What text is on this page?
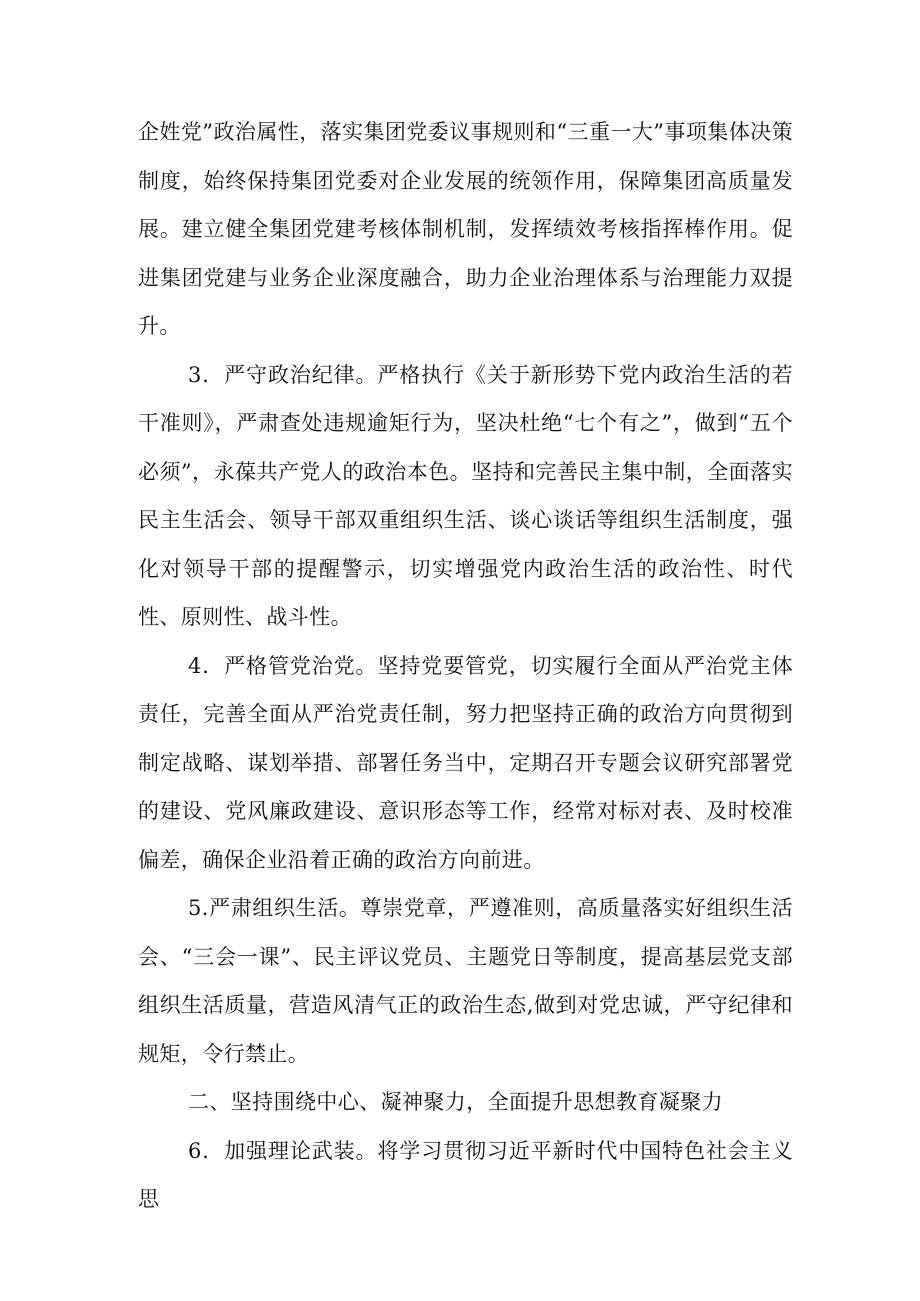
企姓党”政治属性，落实集团党委议事规则和“三重一大”事项集体决策制度，始终保持集团党委对企业发展的统领作用，保障集团高质量发展。建立健全集团党建考核体制机制，发挥绩效考核指挥棒作用。促进集团党建与业务企业深度融合，助力企业治理体系与治理能力双提升。

3．严守政治纪律。严格执行《关于新形势下党内政治生活的若干准则》，严肃查处违规逾矩行为，坚决杜绝“七个有之”，做到“五个必须”，永葆共产党人的政治本色。坚持和完善民主集中制，全面落实民主生活会、领导干部双重组织生活、谈心谈话等组织生活制度，强化对领导干部的提醒警示，切实增强党内政治生活的政治性、时代性、原则性、战斗性。

4．严格管党治党。坚持党要管党，切实履行全面从严治党主体责任，完善全面从严治党责任制，努力把坚持正确的政治方向贯彻到制定战略、谋划举措、部署任务当中，定期召开专题会议研究部署党的建设、党风廉政建设、意识形态等工作，经常对标对表、及时校准偏差，确保企业沿着正确的政治方向前进。

5.严肃组织生活。尊崇党章，严遵准则，高质量落实好组织生活会、“三会一课”、民主评议党员、主题党日等制度，提高基层党支部组织生活质量，营造风清气正的政治生态,做到对党忠诚，严守纪律和规矩，令行禁止。

二、坚持围绕中心、凝神聚力，全面提升思想教育凝聚力

6．加强理论武装。将学习贯彻习近平新时代中国特色社会主义思
